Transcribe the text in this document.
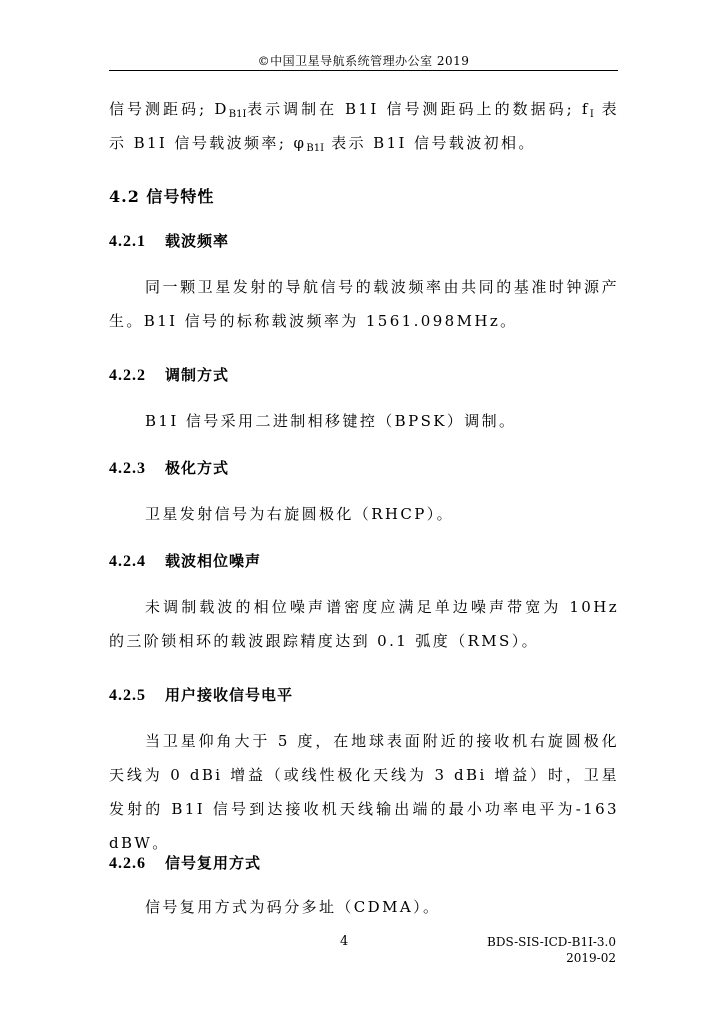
©中国卫星导航系统管理办公室 2019
信号测距码; $D_{B1I}$表示调制在 B1I 信号测距码上的数据码; $f_I$ 表示 B1I 信号载波频率; $\varphi_{B1I}$ 表示 B1I 信号载波初相。
4.2 信号特性
4.2.1 载波频率
同一颗卫星发射的导航信号的载波频率由共同的基准时钟源产生。B1I 信号的标称载波频率为 1561.098MHz。
4.2.2 调制方式
B1I 信号采用二进制相移键控（BPSK）调制。
4.2.3 极化方式
卫星发射信号为右旋圆极化（RHCP）。
4.2.4 载波相位噪声
未调制载波的相位噪声谱密度应满足单边噪声带宽为 10Hz 的三阶锁相环的载波跟踪精度达到 0.1 弧度（RMS）。
4.2.5 用户接收信号电平
当卫星仰角大于 5 度，在地球表面附近的接收机右旋圆极化天线为 0 dBi 增益（或线性极化天线为 3 dBi 增益）时，卫星发射的 B1I 信号到达接收机天线输出端的最小功率电平为-163 dBW。
4.2.6 信号复用方式
信号复用方式为码分多址（CDMA）。
4	BDS-SIS-ICD-B1I-3.0
2019-02
